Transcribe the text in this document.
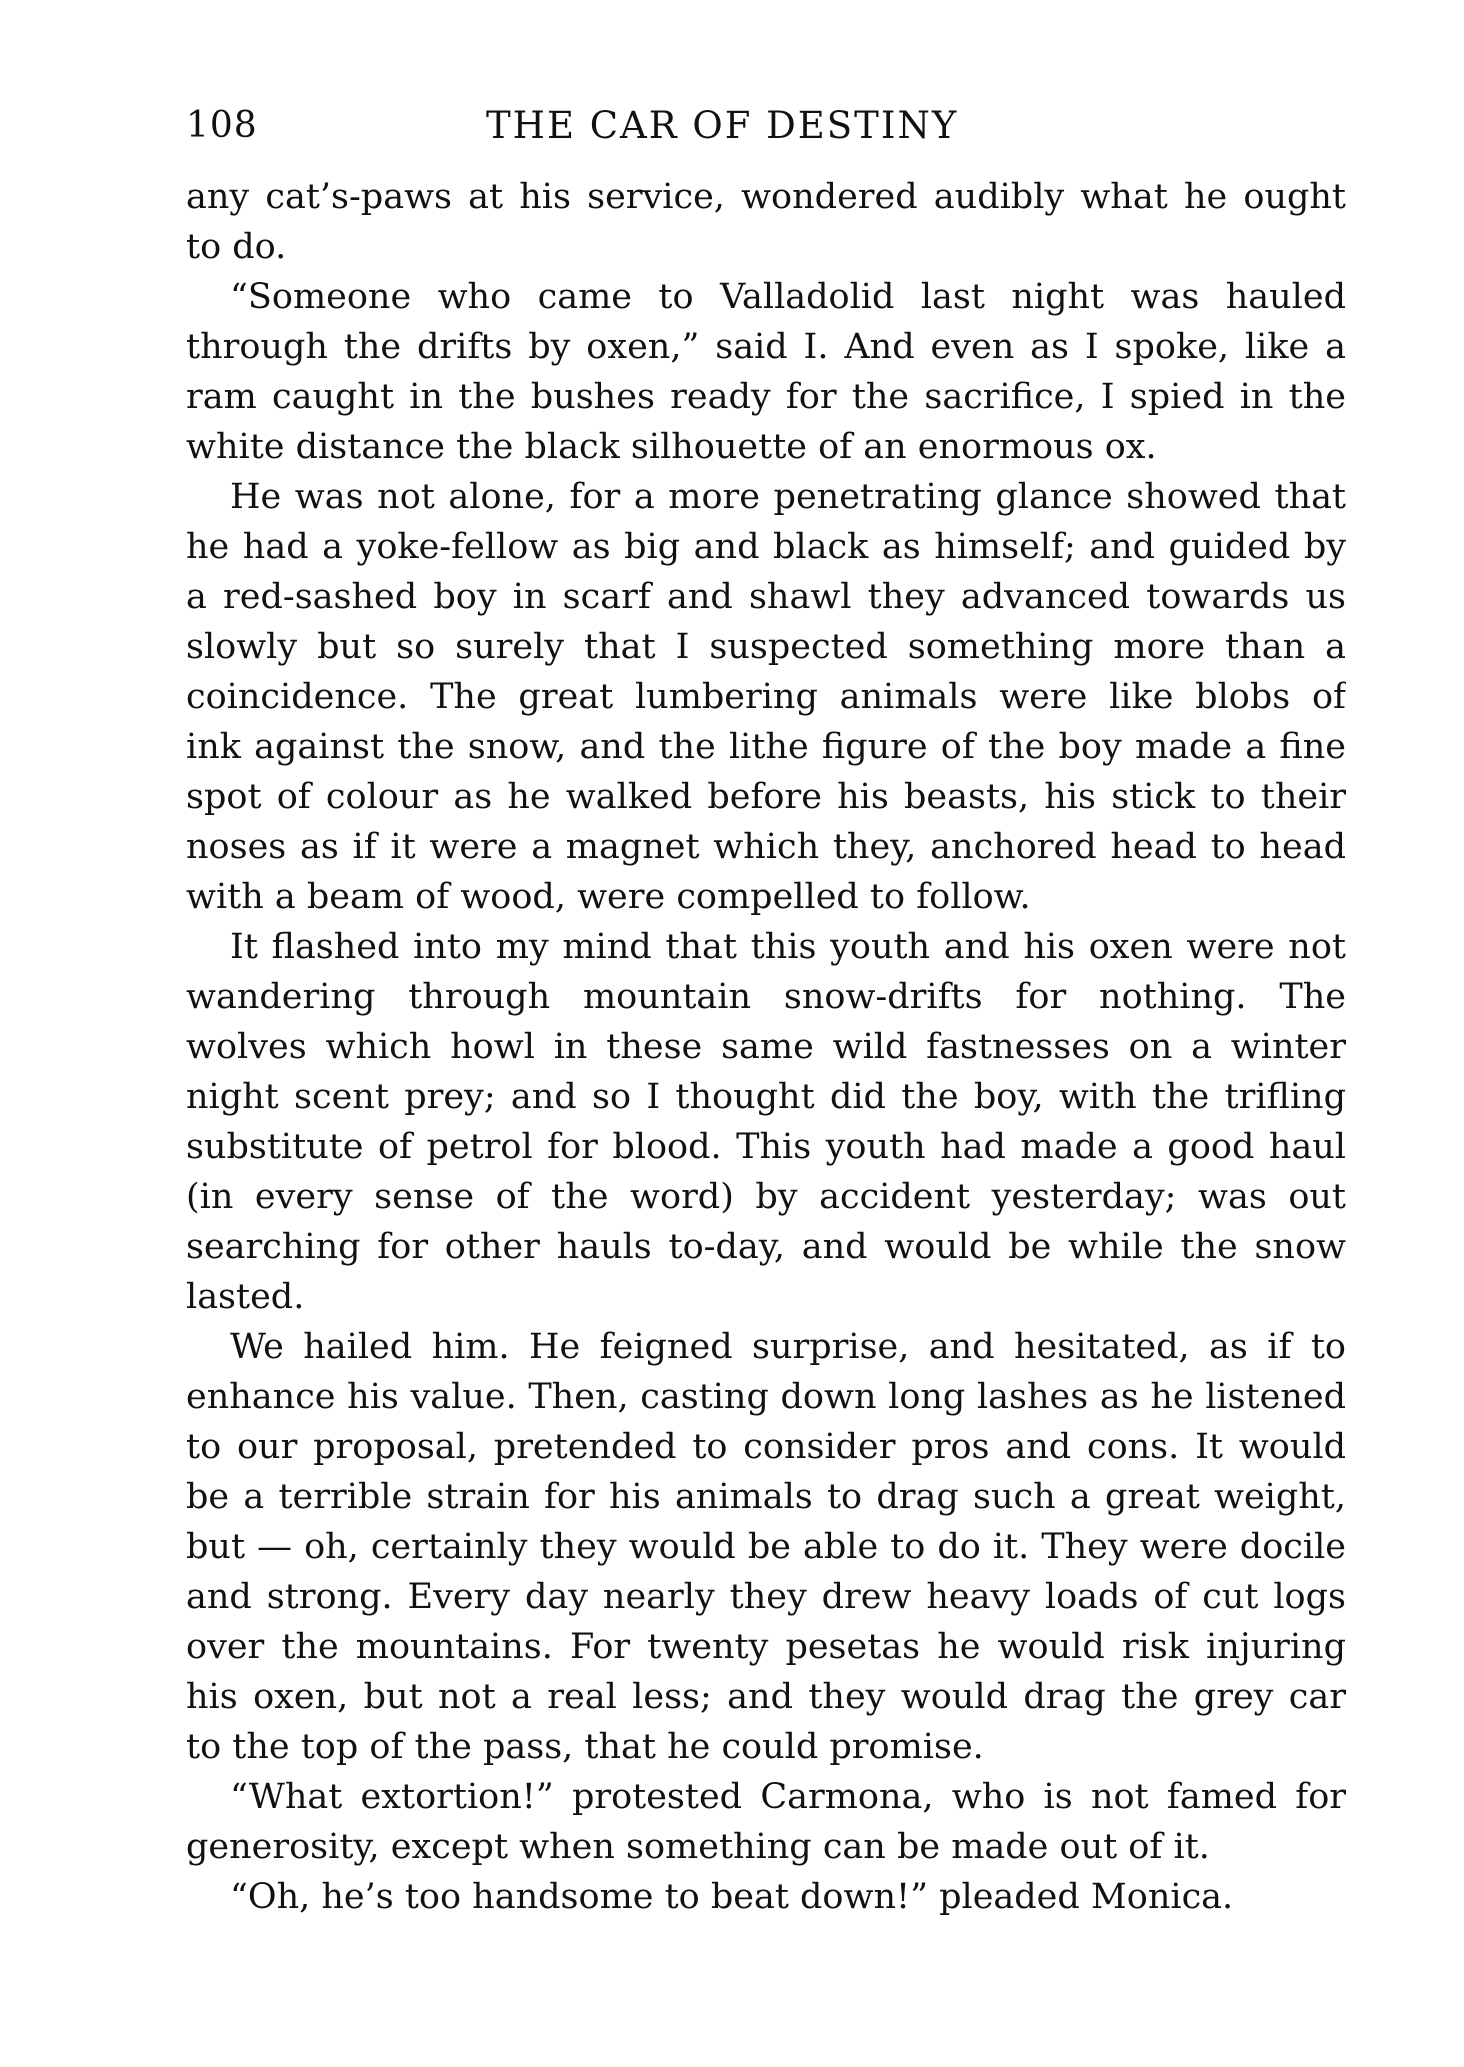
108	THE CAR OF DESTINY
any cat’s-paws at his service, wondered audibly what he ought
to do.
“Someone who came to Valladolid last night was hauled
through the drifts by oxen,” said I. And even as I spoke, like a
ram caught in the bushes ready for the sacrifice, I spied in the
white distance the black silhouette of an enormous ox.
He was not alone, for a more penetrating glance showed that
he had a yoke-fellow as big and black as himself; and guided by
a red-sashed boy in scarf and shawl they advanced towards us
slowly but so surely that I suspected something more than a
coincidence. The great lumbering animals were like blobs of
ink against the snow, and the lithe figure of the boy made a fine
spot of colour as he walked before his beasts, his stick to their
noses as if it were a magnet which they, anchored head to head
with a beam of wood, were compelled to follow.
It flashed into my mind that this youth and his oxen were not
wandering through mountain snow-drifts for nothing. The
wolves which howl in these same wild fastnesses on a winter
night scent prey; and so I thought did the boy, with the trifling
substitute of petrol for blood. This youth had made a good haul
(in every sense of the word) by accident yesterday; was out
searching for other hauls to-day, and would be while the snow
lasted.
We hailed him. He feigned surprise, and hesitated, as if to
enhance his value. Then, casting down long lashes as he listened
to our proposal, pretended to consider pros and cons. It would
be a terrible strain for his animals to drag such a great weight,
but — oh, certainly they would be able to do it. They were docile
and strong. Every day nearly they drew heavy loads of cut logs
over the mountains. For twenty pesetas he would risk injuring
his oxen, but not a real less; and they would drag the grey car
to the top of the pass, that he could promise.
“What extortion!” protested Carmona, who is not famed for
generosity, except when something can be made out of it.
“Oh, he’s too handsome to beat down!” pleaded Monica.
